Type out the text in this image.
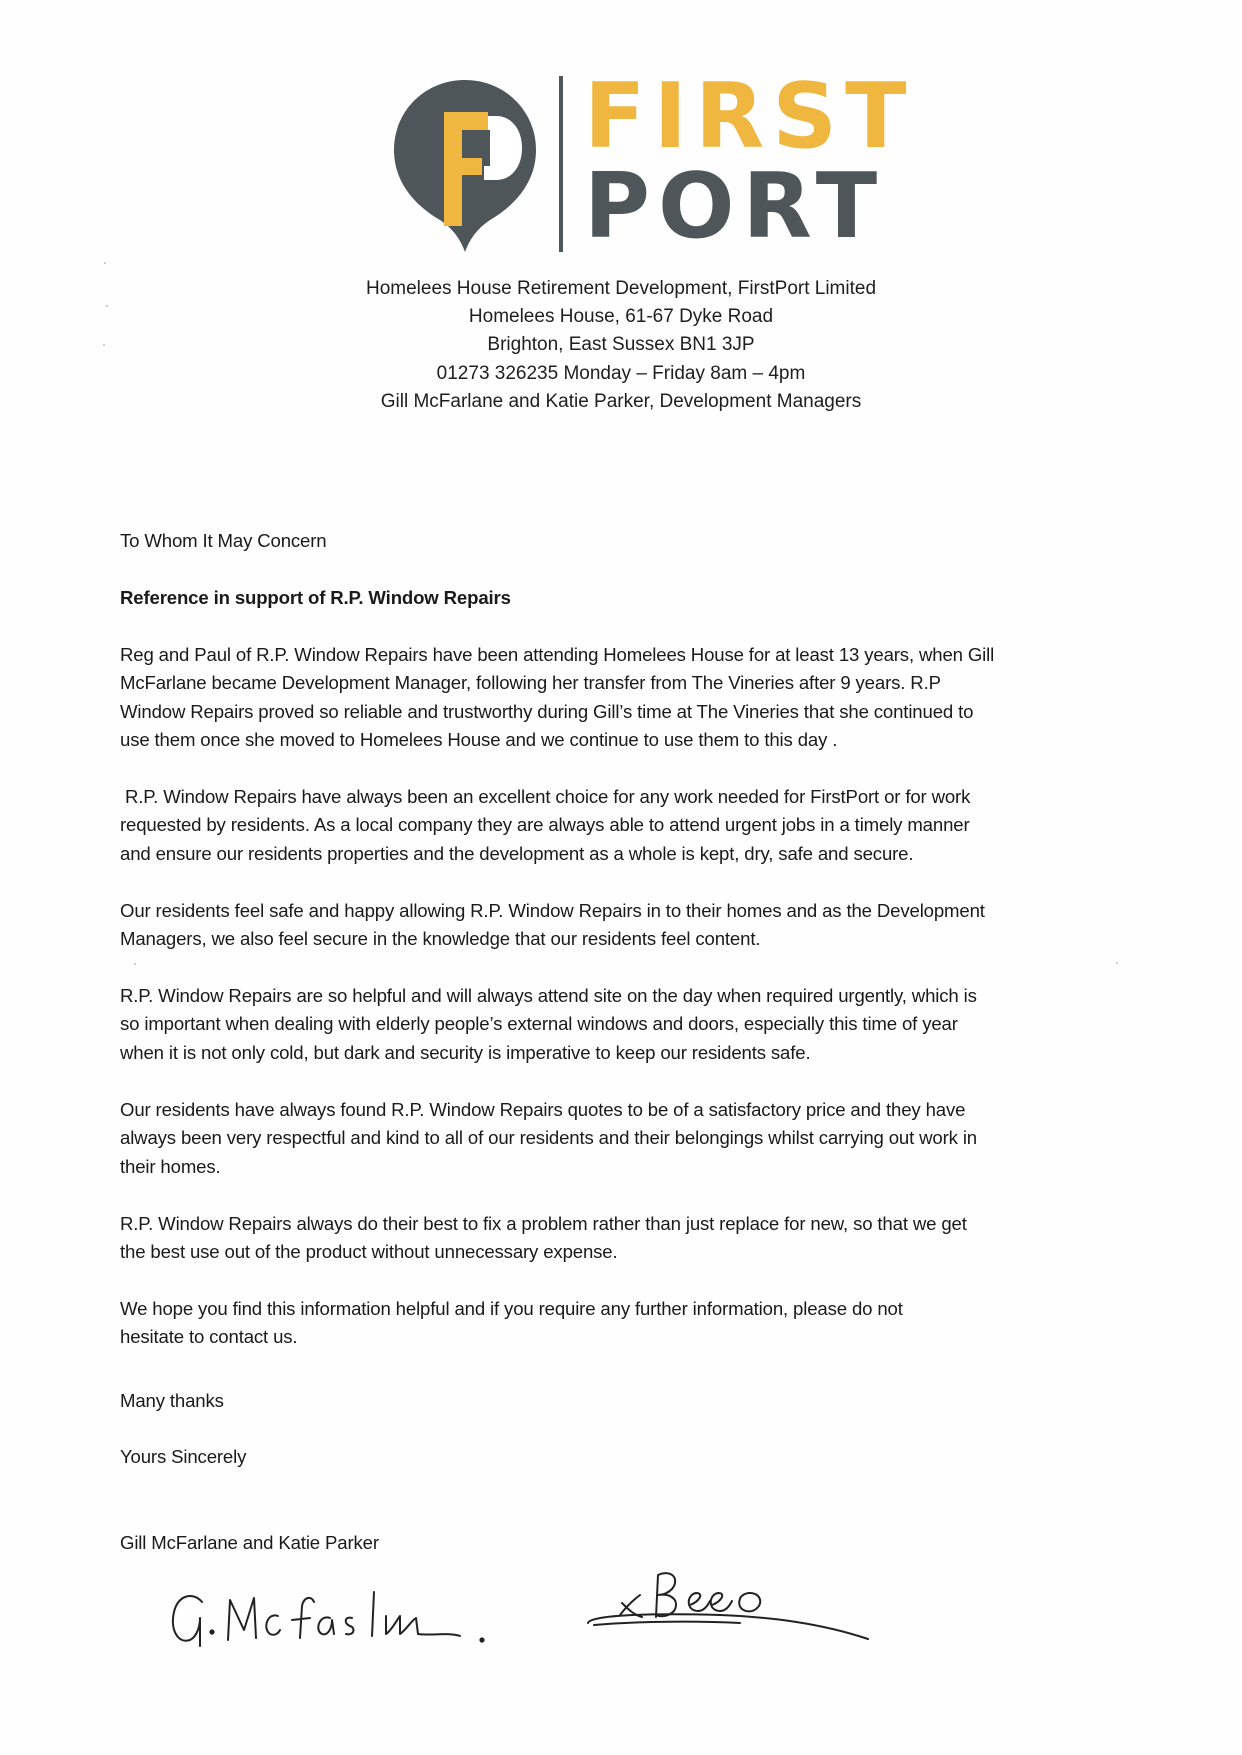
FIRST
PORT
Homelees House Retirement Development, FirstPort Limited
Homelees House, 61-67 Dyke Road
Brighton, East Sussex BN1 3JP
01273 326235 Monday – Friday 8am – 4pm
Gill McFarlane and Katie Parker, Development Managers
To Whom It May Concern
Reference in support of R.P. Window Repairs
Reg and Paul of R.P. Window Repairs have been attending Homelees House for at least 13 years, when Gill
McFarlane became Development Manager, following her transfer from The Vineries after 9 years. R.P
Window Repairs proved so reliable and trustworthy during Gill’s time at The Vineries that she continued to
use them once she moved to Homelees House and we continue to use them to this day .
R.P. Window Repairs have always been an excellent choice for any work needed for FirstPort or for work
requested by residents. As a local company they are always able to attend urgent jobs in a timely manner
and ensure our residents properties and the development as a whole is kept, dry, safe and secure.
Our residents feel safe and happy allowing R.P. Window Repairs in to their homes and as the Development
Managers, we also feel secure in the knowledge that our residents feel content.
R.P. Window Repairs are so helpful and will always attend site on the day when required urgently, which is
so important when dealing with elderly people’s external windows and doors, especially this time of year
when it is not only cold, but dark and security is imperative to keep our residents safe.
Our residents have always found R.P. Window Repairs quotes to be of a satisfactory price and they have
always been very respectful and kind to all of our residents and their belongings whilst carrying out work in
their homes.
R.P. Window Repairs always do their best to fix a problem rather than just replace for new, so that we get
the best use out of the product without unnecessary expense.
We hope you find this information helpful and if you require any further information, please do not
hesitate to contact us.
Many thanks
Yours Sincerely
Gill McFarlane and Katie Parker
